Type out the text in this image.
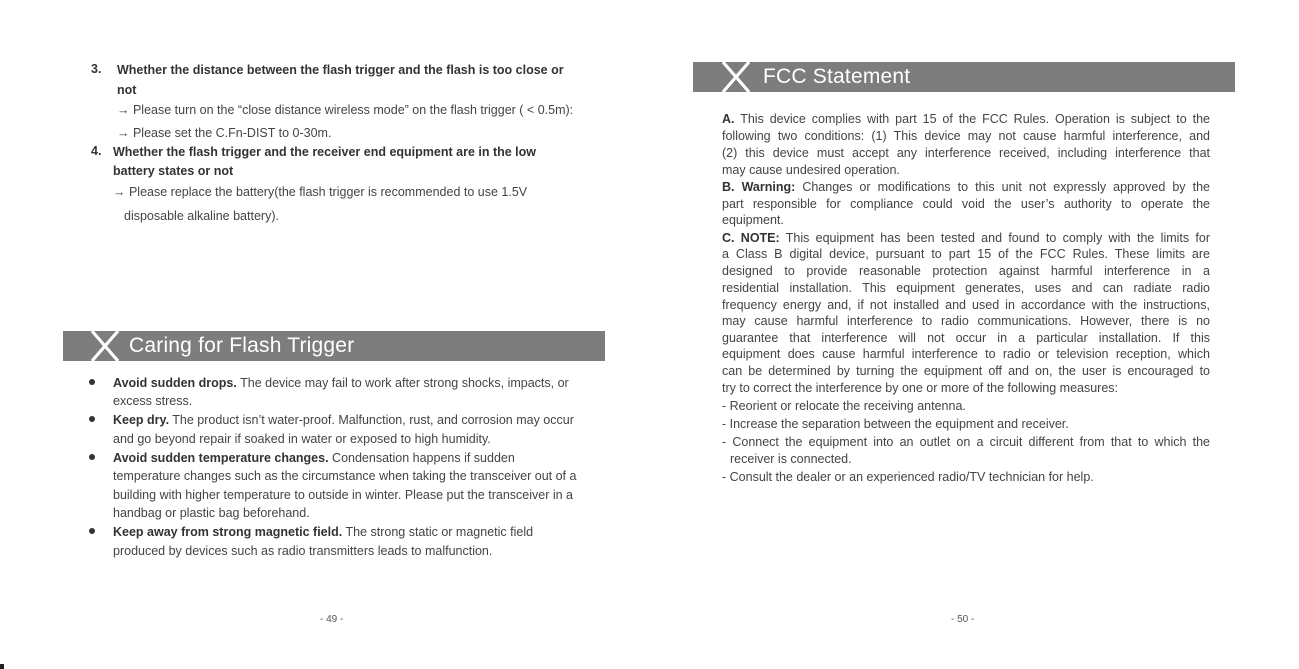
3. Whether the distance between the flash trigger and the flash is too close or
not
→ Please turn on the “close distance wireless mode” on the flash trigger ( < 0.5m):
→ Please set the C.Fn-DIST to 0-30m.
4. Whether the flash trigger and the receiver end equipment are in the low
battery states or not
→ Please replace the battery(the flash trigger is recommended to use 1.5V
disposable alkaline battery).
Caring for Flash Trigger
Avoid sudden drops. The device may fail to work after strong shocks, impacts, or
excess stress.
Keep dry. The product isn’t water-proof. Malfunction, rust, and corrosion may occur
and go beyond repair if soaked in water or exposed to high humidity.
Avoid sudden temperature changes. Condensation happens if sudden
temperature changes such as the circumstance when taking the transceiver out of a
building with higher temperature to outside in winter. Please put the transceiver in a
handbag or plastic bag beforehand.
Keep away from strong magnetic field. The strong static or magnetic field
produced by devices such as radio transmitters leads to malfunction.
- 49 -
FCC Statement
A. This device complies with part 15 of the FCC Rules. Operation is subject to the
following two conditions: (1) This device may not cause harmful interference, and
(2) this device must accept any interference received, including interference that
may cause undesired operation.
B. Warning: Changes or modifications to this unit not expressly approved by the
part responsible for compliance could void the user’s authority to operate the
equipment.
C. NOTE: This equipment has been tested and found to comply with the limits for
a Class B digital device, pursuant to part 15 of the FCC Rules. These limits are
designed to provide reasonable protection against harmful interference in a
residential installation. This equipment generates, uses and can radiate radio
frequency energy and, if not installed and used in accordance with the instructions,
may cause harmful interference to radio communications. However, there is no
guarantee that interference will not occur in a particular installation. If this
equipment does cause harmful interference to radio or television reception, which
can be determined by turning the equipment off and on, the user is encouraged to
try to correct the interference by one or more of the following measures:
- Reorient or relocate the receiving antenna.
- Increase the separation between the equipment and receiver.
- Connect the equipment into an outlet on a circuit different from that to which the
receiver is connected.
- Consult the dealer or an experienced radio/TV technician for help.
- 50 -
